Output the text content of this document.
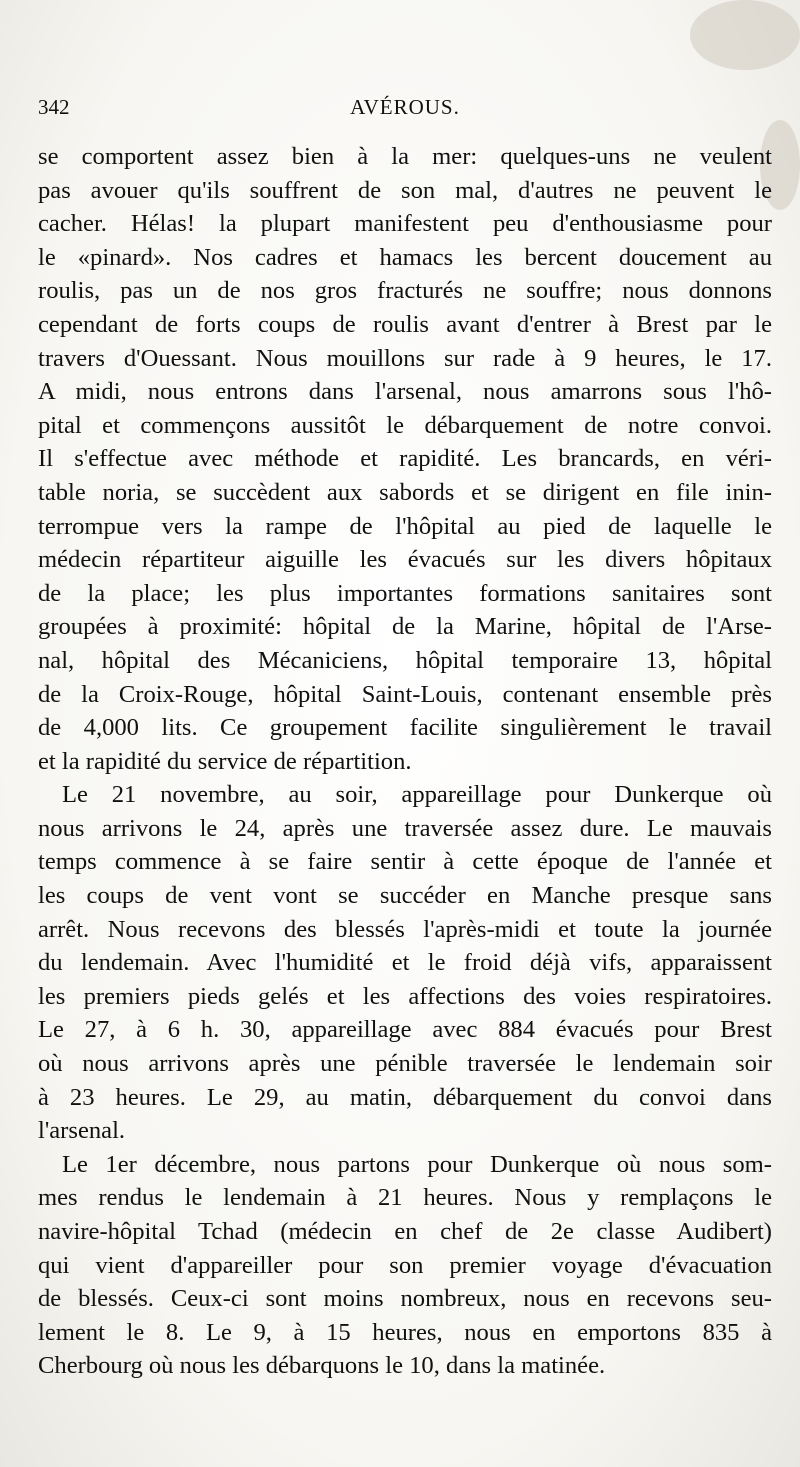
AVÉROUS.
342
se comportent assez bien à la mer: quelques-uns ne veulent
pas avouer qu'ils souffrent de son mal, d'autres ne peuvent le
cacher. Hélas! la plupart manifestent peu d'enthousiasme pour
le «pinard». Nos cadres et hamacs les bercent doucement au
roulis, pas un de nos gros fracturés ne souffre; nous donnons
cependant de forts coups de roulis avant d'entrer à Brest par le
travers d'Ouessant. Nous mouillons sur rade à 9 heures, le 17.
A midi, nous entrons dans l'arsenal, nous amarrons sous l'hô-
pital et commençons aussitôt le débarquement de notre convoi.
Il s'effectue avec méthode et rapidité. Les brancards, en véri-
table noria, se succèdent aux sabords et se dirigent en file inin-
terrompue vers la rampe de l'hôpital au pied de laquelle le
médecin répartiteur aiguille les évacués sur les divers hôpitaux
de la place; les plus importantes formations sanitaires sont
groupées à proximité: hôpital de la Marine, hôpital de l'Arse-
nal, hôpital des Mécaniciens, hôpital temporaire 13, hôpital
de la Croix-Rouge, hôpital Saint-Louis, contenant ensemble près
de 4,000 lits. Ce groupement facilite singulièrement le travail
et la rapidité du service de répartition.
Le 21 novembre, au soir, appareillage pour Dunkerque où
nous arrivons le 24, après une traversée assez dure. Le mauvais
temps commence à se faire sentir à cette époque de l'année et
les coups de vent vont se succéder en Manche presque sans
arrêt. Nous recevons des blessés l'après-midi et toute la journée
du lendemain. Avec l'humidité et le froid déjà vifs, apparaissent
les premiers pieds gelés et les affections des voies respiratoires.
Le 27, à 6 h. 30, appareillage avec 884 évacués pour Brest
où nous arrivons après une pénible traversée le lendemain soir
à 23 heures. Le 29, au matin, débarquement du convoi dans
l'arsenal.
Le 1er décembre, nous partons pour Dunkerque où nous som-
mes rendus le lendemain à 21 heures. Nous y remplaçons le
navire-hôpital Tchad (médecin en chef de 2e classe Audibert)
qui vient d'appareiller pour son premier voyage d'évacuation
de blessés. Ceux-ci sont moins nombreux, nous en recevons seu-
lement le 8. Le 9, à 15 heures, nous en emportons 835 à
Cherbourg où nous les débarquons le 10, dans la matinée.
